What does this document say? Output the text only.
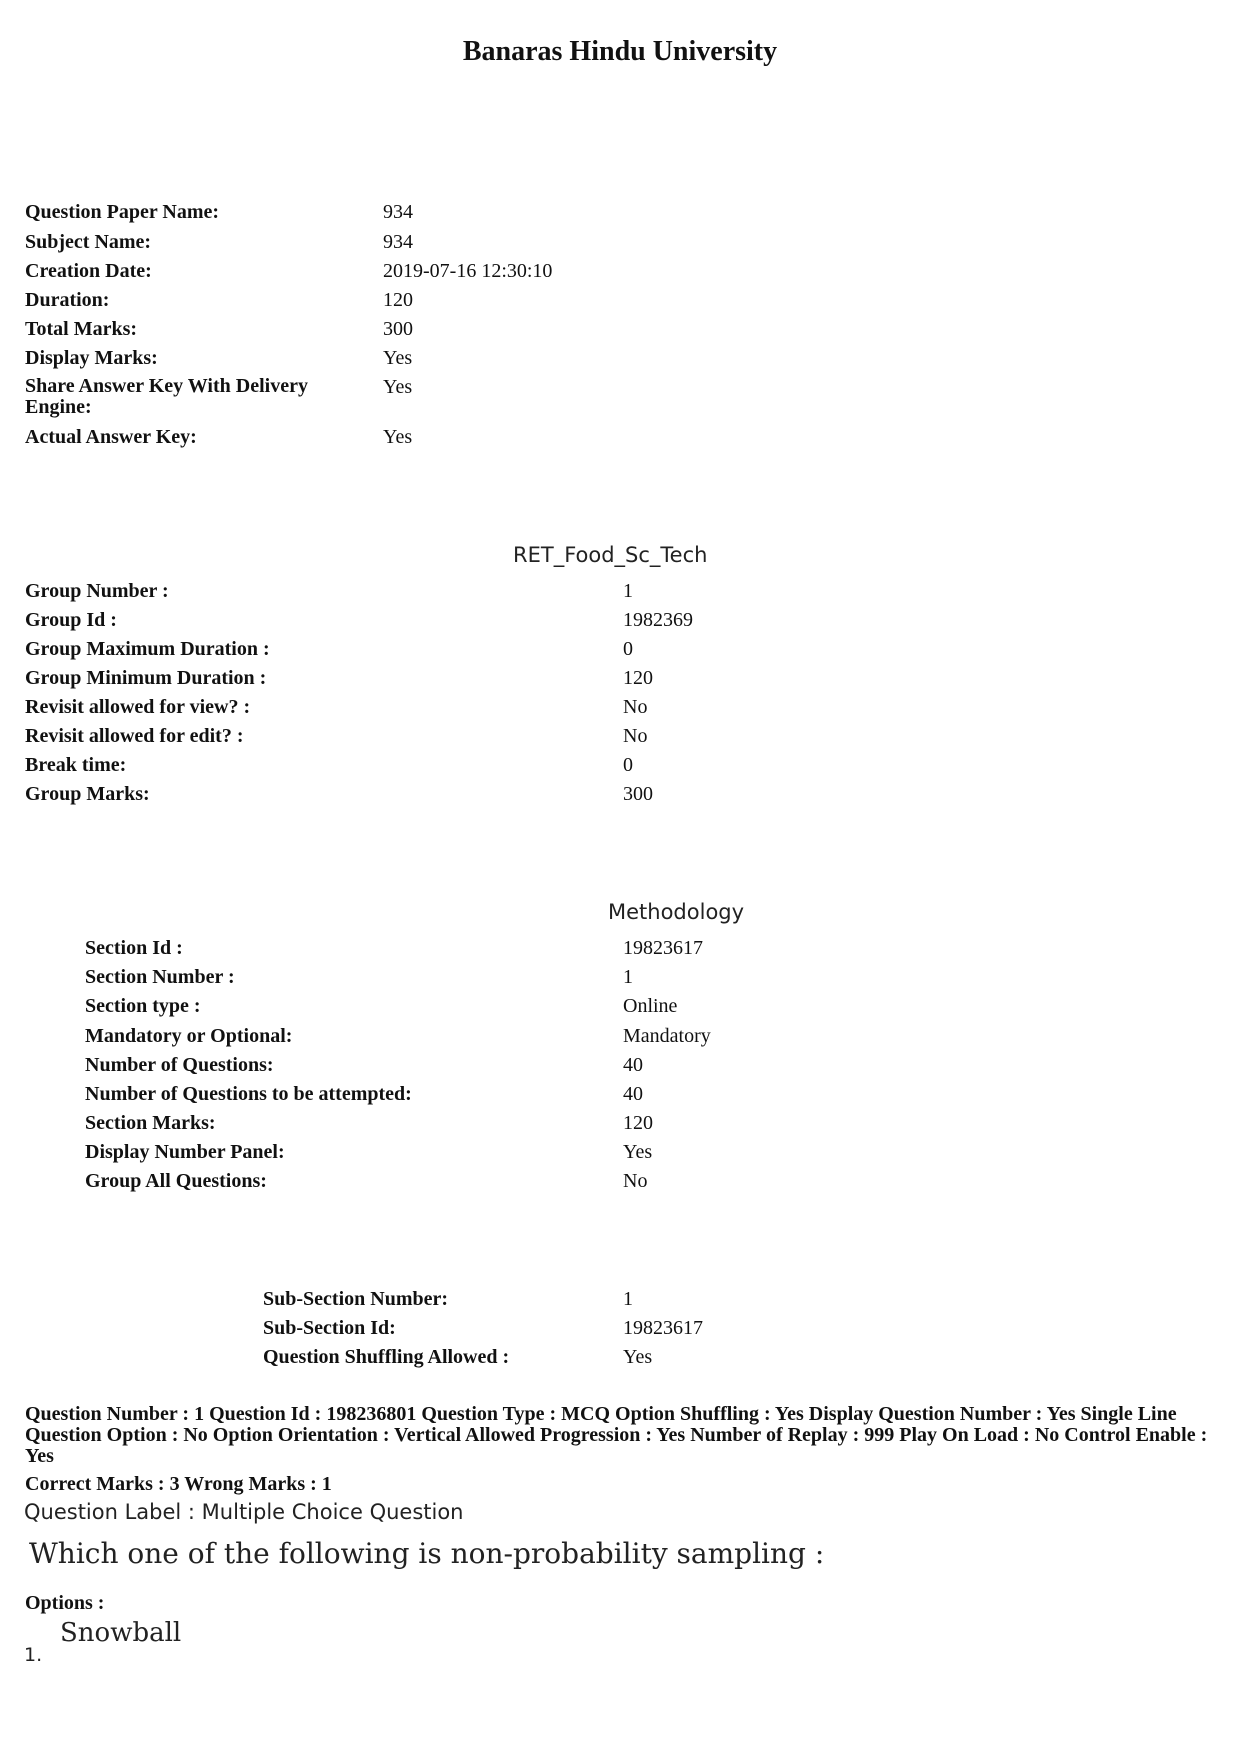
Banaras Hindu University
Question Paper Name:	934
Subject Name:	934
Creation Date:	2019-07-16 12:30:10
Duration:	120
Total Marks:	300
Display Marks:	Yes
Share Answer Key With Delivery Engine:
Yes
Actual Answer Key:	Yes
RET_Food_Sc_Tech
Group Number :	1
Group Id :	1982369
Group Maximum Duration :	0
Group Minimum Duration :	120
Revisit allowed for view? :	No
Revisit allowed for edit? :	No
Break time:	0
Group Marks:	300
Methodology
Section Id :	19823617
Section Number :	1
Section type :	Online
Mandatory or Optional:	Mandatory
Number of Questions:	40
Number of Questions to be attempted:	40
Section Marks:	120
Display Number Panel:	Yes
Group All Questions:	No
Sub-Section Number:	1
Sub-Section Id:	19823617
Question Shuffling Allowed :	Yes
Question Number : 1 Question Id : 198236801 Question Type : MCQ Option Shuffling : Yes Display Question Number : Yes Single Line Question Option : No Option Orientation : Vertical Allowed Progression : Yes Number of Replay : 999 Play On Load : No Control Enable : Yes
Correct Marks : 3 Wrong Marks : 1
Question Label : Multiple Choice Question
Which one of the following is non-probability sampling :
Options :
1.
Snowball
